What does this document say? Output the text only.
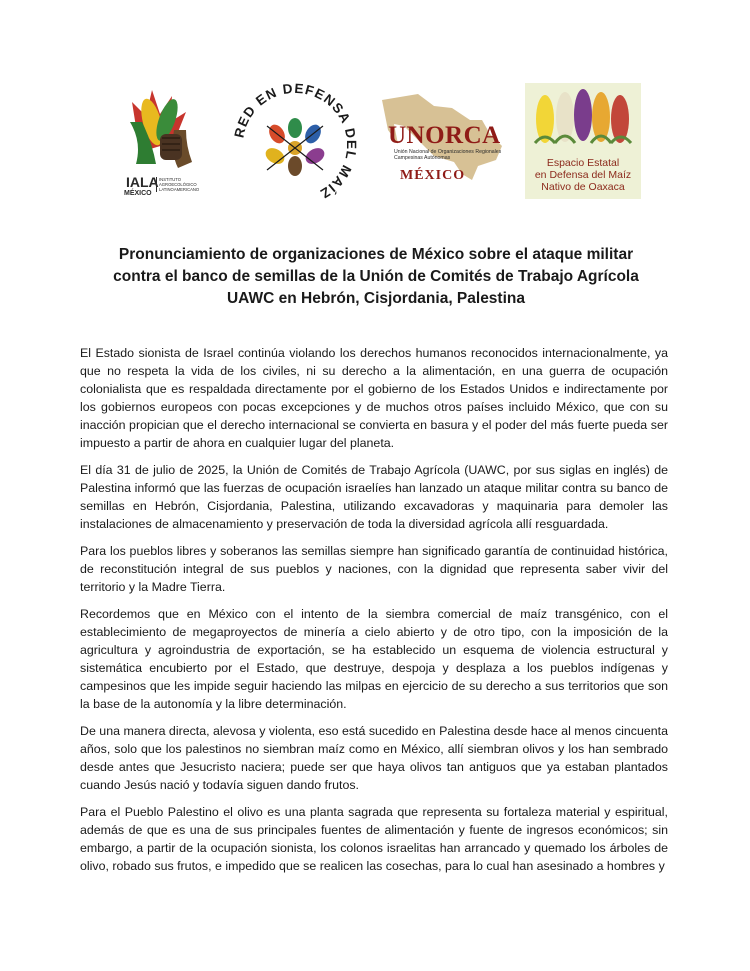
IALA
MÉXICO
INSTITUTO AGROECOLÓGICO LATINOAMERICANO
RED EN DEFENSA DEL MAÍZ
UNORCA
Unión Nacional de Organizaciones Regionales Campesinas Autónomas
MÉXICO
Espacio Estatal
en Defensa del Maíz
Nativo de Oaxaca
Pronunciamiento de organizaciones de México sobre el ataque militar contra el banco de semillas de la Unión de Comités de Trabajo Agrícola UAWC en Hebrón, Cisjordania, Palestina

El Estado sionista de Israel continúa violando los derechos humanos reconocidos internacionalmente, ya que no respeta la vida de los civiles, ni su derecho a la alimentación, en una guerra de ocupación colonialista que es respaldada directamente por el gobierno de los Estados Unidos e indirectamente por los gobiernos europeos con pocas excepciones y de muchos otros países incluido México, que con su inacción propician que el derecho internacional se convierta en basura y el poder del más fuerte pueda ser impuesto a partir de ahora en cualquier lugar del planeta.

El día 31 de julio de 2025, la Unión de Comités de Trabajo Agrícola (UAWC, por sus siglas en inglés) de Palestina informó que las fuerzas de ocupación israelíes han lanzado un ataque militar contra su banco de semillas en Hebrón, Cisjordania, Palestina, utilizando excavadoras y maquinaria para demoler las instalaciones de almacenamiento y preservación de toda la diversidad agrícola allí resguardada.

Para los pueblos libres y soberanos las semillas siempre han significado garantía de continuidad histórica, de reconstitución integral de sus pueblos y naciones, con la dignidad que representa saber vivir del territorio y la Madre Tierra.

Recordemos que en México con el intento de la siembra comercial de maíz transgénico, con el establecimiento de megaproyectos de minería a cielo abierto y de otro tipo, con la imposición de la agricultura y agroindustria de exportación, se ha establecido un esquema de violencia estructural y sistemática encubierto por el Estado, que destruye, despoja y desplaza a los pueblos indígenas y campesinos que les impide seguir haciendo las milpas en ejercicio de su derecho a sus territorios que son la base de la autonomía y la libre determinación.

De una manera directa, alevosa y violenta, eso está sucedido en Palestina desde hace al menos cincuenta años, solo que los palestinos no siembran maíz como en México, allí siembran olivos y los han sembrado desde antes que Jesucristo naciera; puede ser que haya olivos tan antiguos que ya estaban plantados cuando Jesús nació y todavía siguen dando frutos.

Para el Pueblo Palestino el olivo es una planta sagrada que representa su fortaleza material y espiritual, además de que es una de sus principales fuentes de alimentación y fuente de ingresos económicos; sin embargo, a partir de la ocupación sionista, los colonos israelitas han arrancado y quemado los árboles de olivo, robado sus frutos, e impedido que se realicen las cosechas, para lo cual han asesinado a hombres y
